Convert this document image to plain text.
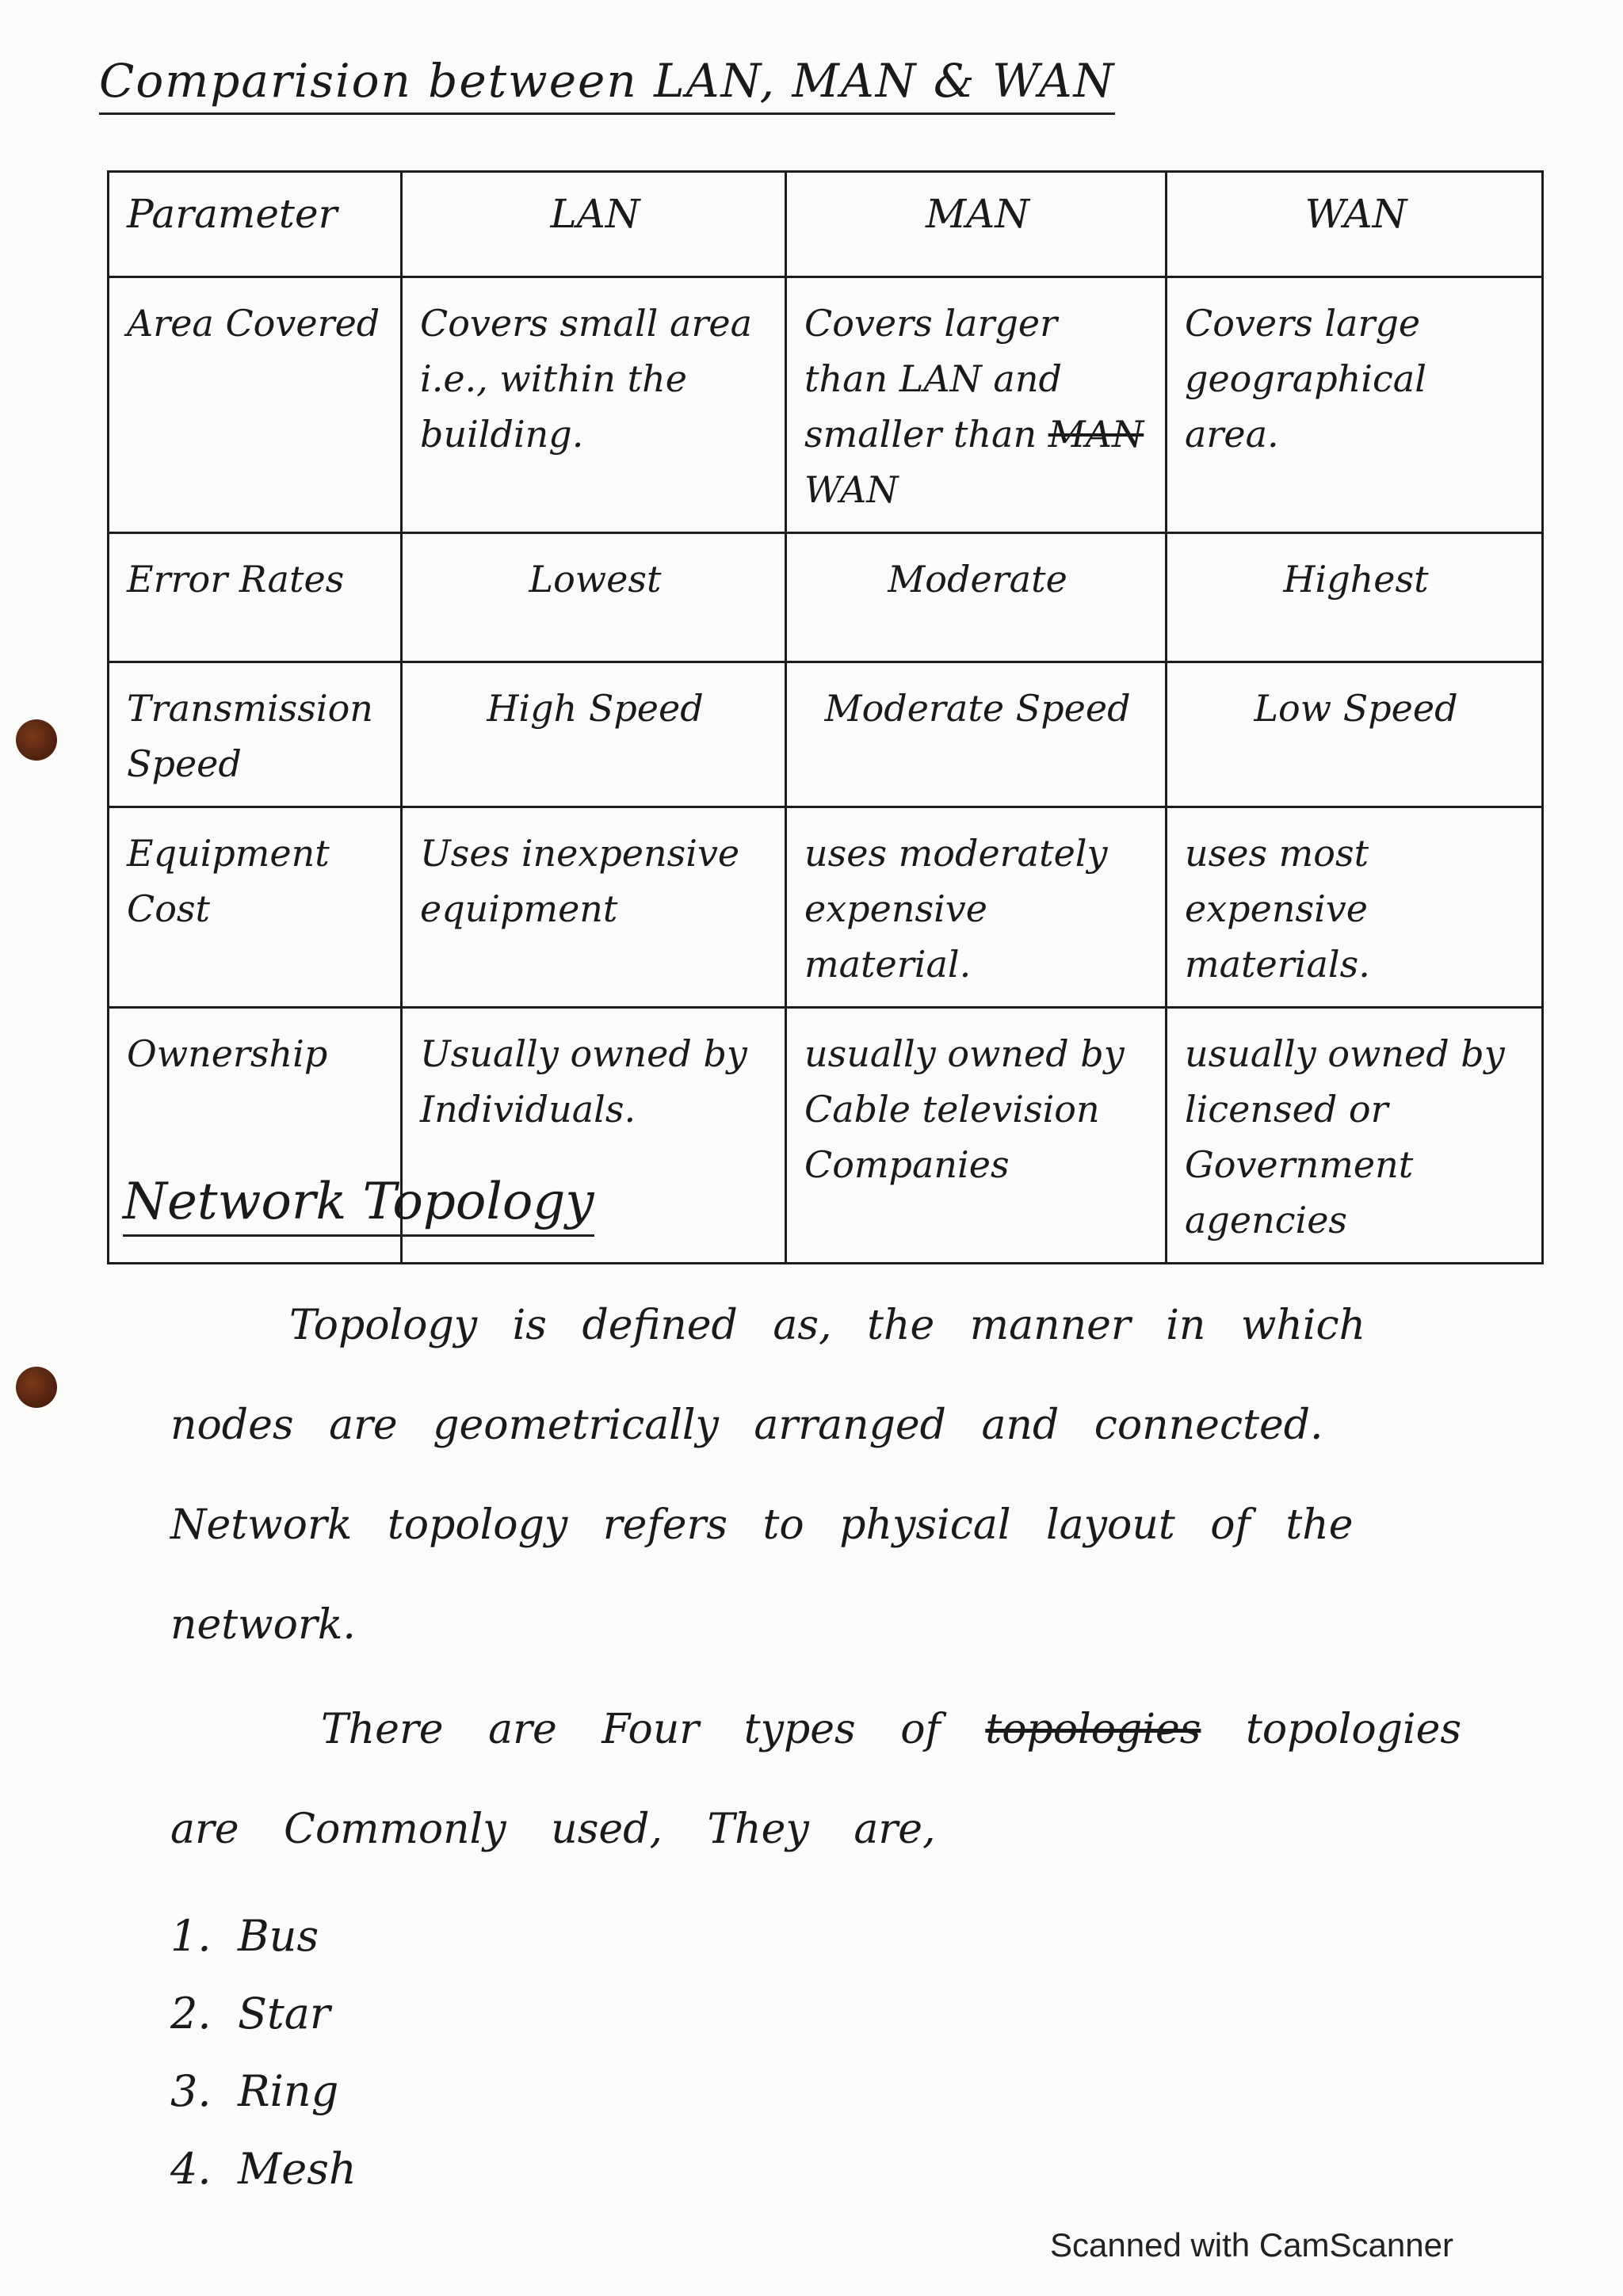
Comparision between LAN, MAN & WAN
Parameter	LAN	MAN	WAN
Area Covered	Covers small area i.e., within the building.	Covers larger than LAN and smaller than MAN WAN	Covers large geographical area.
Error Rates	Lowest	Moderate	Highest
Transmission Speed	High Speed	Moderate Speed	Low Speed
Equipment Cost	Uses inexpensive equipment	uses moderately expensive material.	uses most expensive materials.
Ownership	Usually owned by Individuals.	usually owned by Cable television Companies	usually owned by licensed or Government agencies
Network Topology
Topology is defined as, the manner in which nodes are geometrically arranged and connected. Network topology refers to physical layout of the network.
There are Four types of topologies topologies are Commonly used, They are,
1. Bus
2. Star
3. Ring
4. Mesh
Scanned with CamScanner
